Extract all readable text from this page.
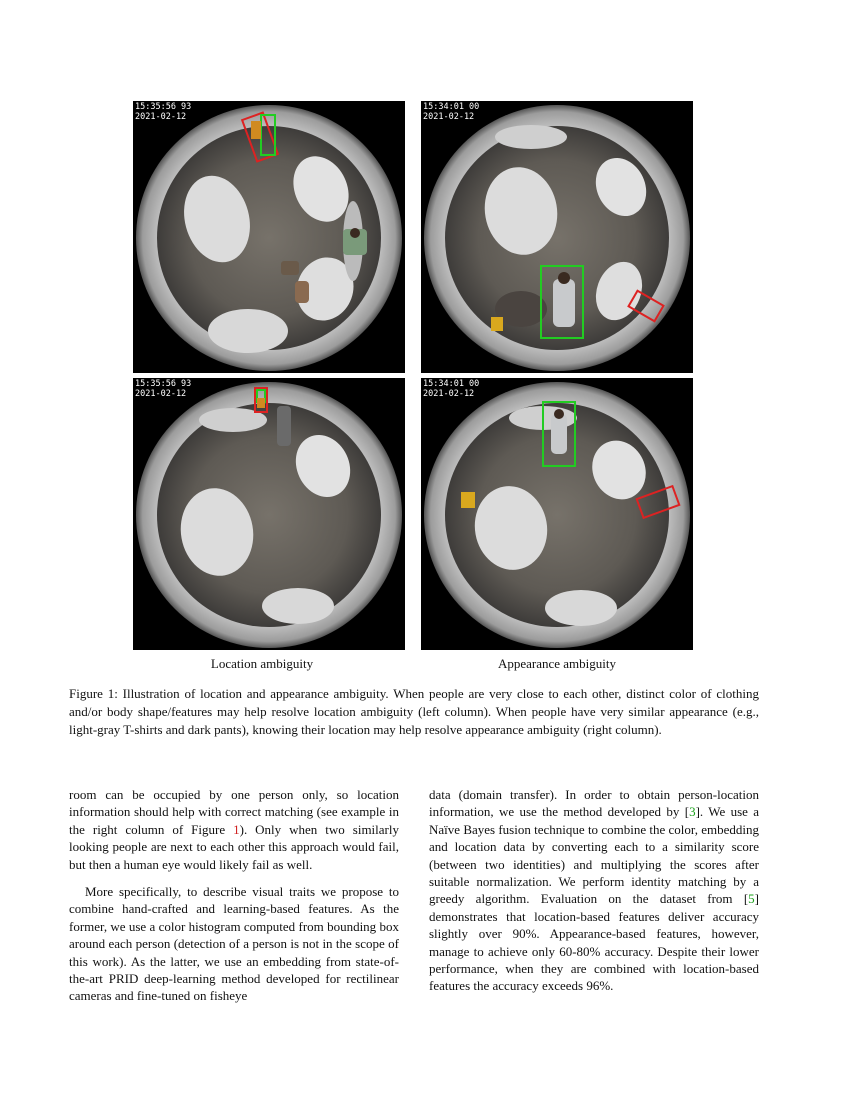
15:35:56 93
2021-02-12
15:34:01 00
2021-02-12
15:35:56 93
2021-02-12
15:34:01 00
2021-02-12
Location ambiguity	Appearance ambiguity
Figure 1: Illustration of location and appearance ambiguity. When people are very close to each other, distinct color of clothing and/or body shape/features may help resolve location ambiguity (left column). When people have very similar appearance (e.g., light-gray T-shirts and dark pants), knowing their location may help resolve appearance ambiguity (right column).

room can be occupied by one person only, so location information should help with correct matching (see example in the right column of Figure 1). Only when two similarly looking people are next to each other this approach would fail, but then a human eye would likely fail as well.

More specifically, to describe visual traits we propose to combine hand-crafted and learning-based features. As the former, we use a color histogram computed from bounding box around each person (detection of a person is not in the scope of this work). As the latter, we use an embedding from state-of-the-art PRID deep-learning method developed for rectilinear cameras and fine-tuned on fisheye

data (domain transfer). In order to obtain person-location information, we use the method developed by [3]. We use a Naïve Bayes fusion technique to combine the color, embedding and location data by converting each to a similarity score (between two identities) and multiplying the scores after suitable normalization. We perform identity matching by a greedy algorithm. Evaluation on the dataset from [5] demonstrates that location-based features deliver accuracy slightly over 90%. Appearance-based features, however, manage to achieve only 60-80% accuracy. Despite their lower performance, when they are combined with location-based features the accuracy exceeds 96%.
